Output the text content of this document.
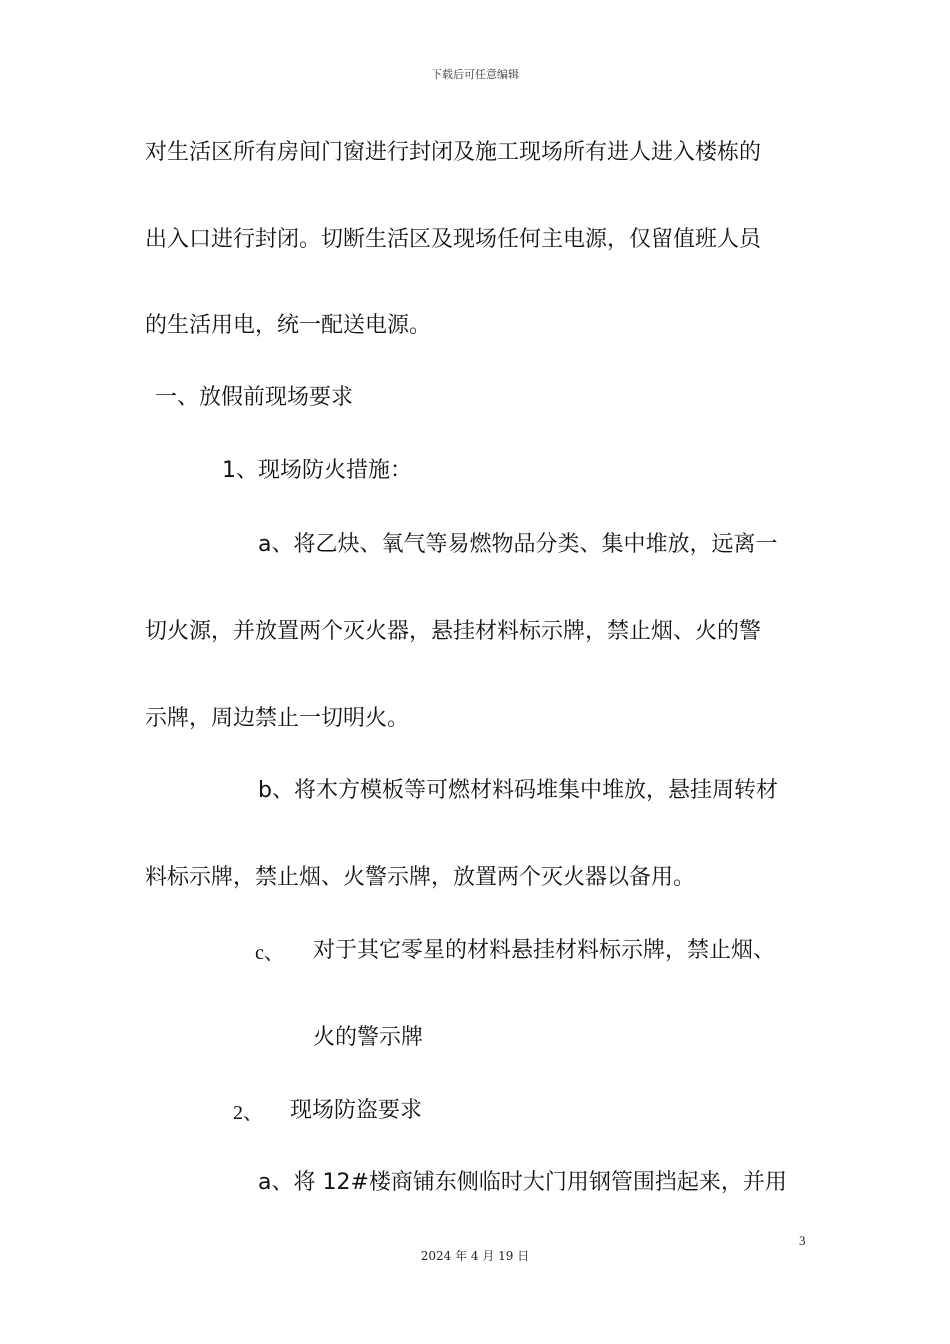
下载后可任意编辑
对生活区所有房间门窗进行封闭及施工现场所有进人进入楼栋的
出入口进行封闭。切断生活区及现场任何主电源，仅留值班人员
的生活用电，统一配送电源。
一、放假前现场要求
1、现场防火措施：
a、将乙炔、氧气等易燃物品分类、集中堆放，远离一
切火源，并放置两个灭火器，悬挂材料标示牌，禁止烟、火的警
示牌，周边禁止一切明火。
b、将木方模板等可燃材料码堆集中堆放，悬挂周转材
料标示牌，禁止烟、火警示牌，放置两个灭火器以备用。
c、 对于其它零星的材料悬挂材料标示牌，禁止烟、
火的警示牌
2、 现场防盗要求
a、将 12#楼商铺东侧临时大门用钢管围挡起来，并用
3
2024 年 4 月 19 日
